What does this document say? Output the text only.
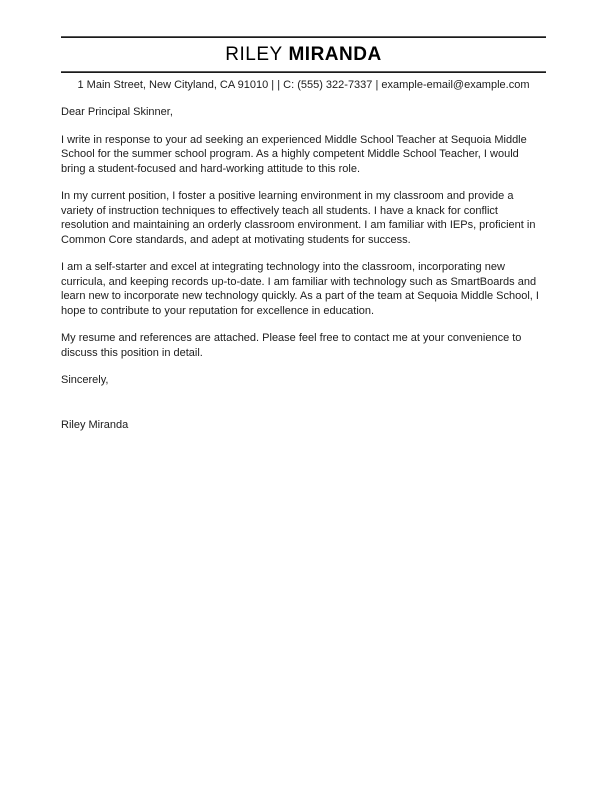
RILEY MIRANDA
1 Main Street, New Cityland, CA 91010 | | C: (555) 322-7337 | example-email@example.com

Dear Principal Skinner,

I write in response to your ad seeking an experienced Middle School Teacher at Sequoia Middle School for the summer school program. As a highly competent Middle School Teacher, I would bring a student-focused and hard-working attitude to this role.

In my current position, I foster a positive learning environment in my classroom and provide a variety of instruction techniques to effectively teach all students. I have a knack for conflict resolution and maintaining an orderly classroom environment. I am familiar with IEPs, proficient in Common Core standards, and adept at motivating students for success.

I am a self-starter and excel at integrating technology into the classroom, incorporating new curricula, and keeping records up-to-date. I am familiar with technology such as SmartBoards and learn new to incorporate new technology quickly. As a part of the team at Sequoia Middle School, I hope to contribute to your reputation for excellence in education.

My resume and references are attached. Please feel free to contact me at your convenience to discuss this position in detail.

Sincerely,

Riley Miranda
